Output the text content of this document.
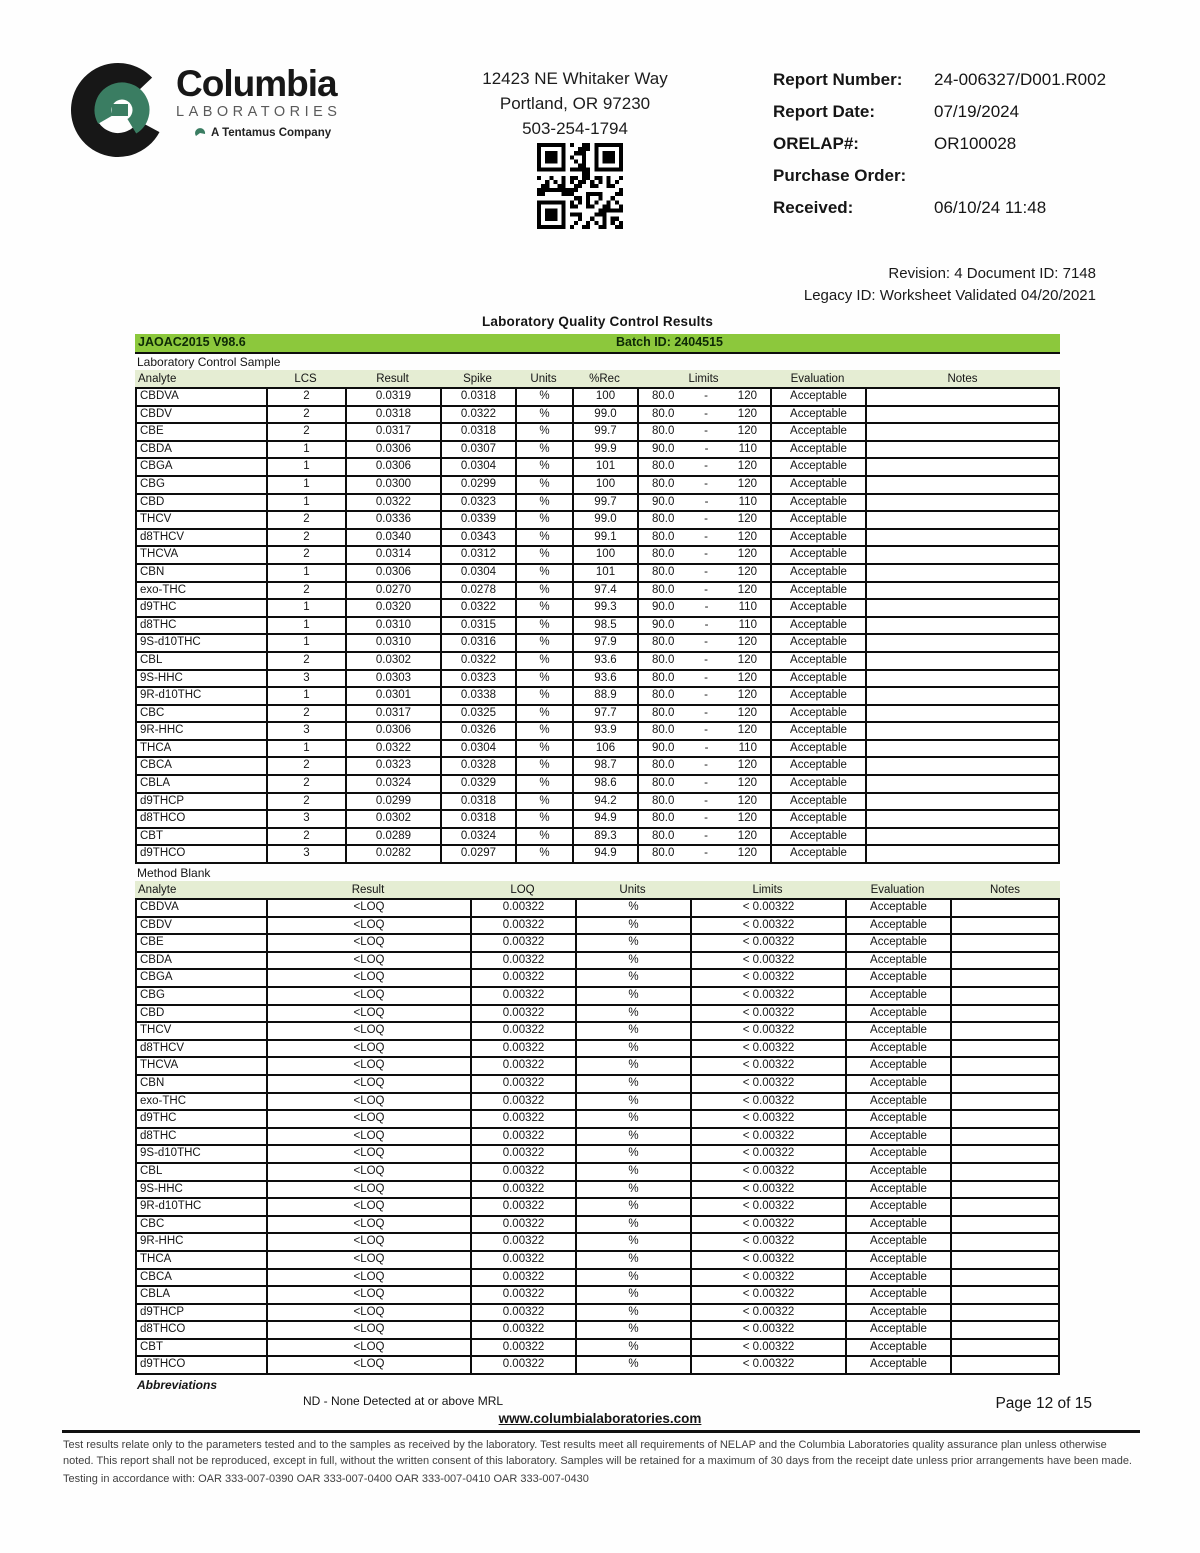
Columbia
LABORATORIES
A Tentamus Company
12423 NE Whitaker Way
Portland, OR 97230
503-254-1794
Report Number:	24-006327/D001.R002
Report Date:	07/19/2024
ORELAP#:	OR100028
Purchase Order:
Received:	06/10/24 11:48
Revision: 4 Document ID: 7148
Legacy ID: Worksheet Validated 04/20/2021
Laboratory Quality Control Results
JAOAC2015 V98.6	Batch ID: 2404515
Laboratory Control Sample
Analyte	LCS	Result	Spike	Units	%Rec	Limits	Evaluation	Notes
CBDVA	2	0.0319	0.0318	%	100	80.0	-	120	Acceptable
CBDV	2	0.0318	0.0322	%	99.0	80.0	-	120	Acceptable
CBE	2	0.0317	0.0318	%	99.7	80.0	-	120	Acceptable
CBDA	1	0.0306	0.0307	%	99.9	90.0	-	110	Acceptable
CBGA	1	0.0306	0.0304	%	101	80.0	-	120	Acceptable
CBG	1	0.0300	0.0299	%	100	80.0	-	120	Acceptable
CBD	1	0.0322	0.0323	%	99.7	90.0	-	110	Acceptable
THCV	2	0.0336	0.0339	%	99.0	80.0	-	120	Acceptable
d8THCV	2	0.0340	0.0343	%	99.1	80.0	-	120	Acceptable
THCVA	2	0.0314	0.0312	%	100	80.0	-	120	Acceptable
CBN	1	0.0306	0.0304	%	101	80.0	-	120	Acceptable
exo-THC	2	0.0270	0.0278	%	97.4	80.0	-	120	Acceptable
d9THC	1	0.0320	0.0322	%	99.3	90.0	-	110	Acceptable
d8THC	1	0.0310	0.0315	%	98.5	90.0	-	110	Acceptable
9S-d10THC	1	0.0310	0.0316	%	97.9	80.0	-	120	Acceptable
CBL	2	0.0302	0.0322	%	93.6	80.0	-	120	Acceptable
9S-HHC	3	0.0303	0.0323	%	93.6	80.0	-	120	Acceptable
9R-d10THC	1	0.0301	0.0338	%	88.9	80.0	-	120	Acceptable
CBC	2	0.0317	0.0325	%	97.7	80.0	-	120	Acceptable
9R-HHC	3	0.0306	0.0326	%	93.9	80.0	-	120	Acceptable
THCA	1	0.0322	0.0304	%	106	90.0	-	110	Acceptable
CBCA	2	0.0323	0.0328	%	98.7	80.0	-	120	Acceptable
CBLA	2	0.0324	0.0329	%	98.6	80.0	-	120	Acceptable
d9THCP	2	0.0299	0.0318	%	94.2	80.0	-	120	Acceptable
d8THCO	3	0.0302	0.0318	%	94.9	80.0	-	120	Acceptable
CBT	2	0.0289	0.0324	%	89.3	80.0	-	120	Acceptable
d9THCO	3	0.0282	0.0297	%	94.9	80.0	-	120	Acceptable
Method Blank
Analyte	Result	LOQ	Units	Limits	Evaluation	Notes
CBDVA	<LOQ	0.00322	%	< 0.00322	Acceptable
CBDV	<LOQ	0.00322	%	< 0.00322	Acceptable
CBE	<LOQ	0.00322	%	< 0.00322	Acceptable
CBDA	<LOQ	0.00322	%	< 0.00322	Acceptable
CBGA	<LOQ	0.00322	%	< 0.00322	Acceptable
CBG	<LOQ	0.00322	%	< 0.00322	Acceptable
CBD	<LOQ	0.00322	%	< 0.00322	Acceptable
THCV	<LOQ	0.00322	%	< 0.00322	Acceptable
d8THCV	<LOQ	0.00322	%	< 0.00322	Acceptable
THCVA	<LOQ	0.00322	%	< 0.00322	Acceptable
CBN	<LOQ	0.00322	%	< 0.00322	Acceptable
exo-THC	<LOQ	0.00322	%	< 0.00322	Acceptable
d9THC	<LOQ	0.00322	%	< 0.00322	Acceptable
d8THC	<LOQ	0.00322	%	< 0.00322	Acceptable
9S-d10THC	<LOQ	0.00322	%	< 0.00322	Acceptable
CBL	<LOQ	0.00322	%	< 0.00322	Acceptable
9S-HHC	<LOQ	0.00322	%	< 0.00322	Acceptable
9R-d10THC	<LOQ	0.00322	%	< 0.00322	Acceptable
CBC	<LOQ	0.00322	%	< 0.00322	Acceptable
9R-HHC	<LOQ	0.00322	%	< 0.00322	Acceptable
THCA	<LOQ	0.00322	%	< 0.00322	Acceptable
CBCA	<LOQ	0.00322	%	< 0.00322	Acceptable
CBLA	<LOQ	0.00322	%	< 0.00322	Acceptable
d9THCP	<LOQ	0.00322	%	< 0.00322	Acceptable
d8THCO	<LOQ	0.00322	%	< 0.00322	Acceptable
CBT	<LOQ	0.00322	%	< 0.00322	Acceptable
d9THCO	<LOQ	0.00322	%	< 0.00322	Acceptable
Abbreviations
ND - None Detected at or above MRL	Page 12 of 15
www.columbialaboratories.com
Test results relate only to the parameters tested and to the samples as received by the laboratory. Test results meet all requirements of NELAP and the Columbia Laboratories quality assurance plan unless otherwise noted. This report shall not be reproduced, except in full, without the written consent of this laboratory. Samples will be retained for a maximum of 30 days from the receipt date unless prior arrangements have been made.
Testing in accordance with: OAR 333-007-0390 OAR 333-007-0400 OAR 333-007-0410 OAR 333-007-0430
